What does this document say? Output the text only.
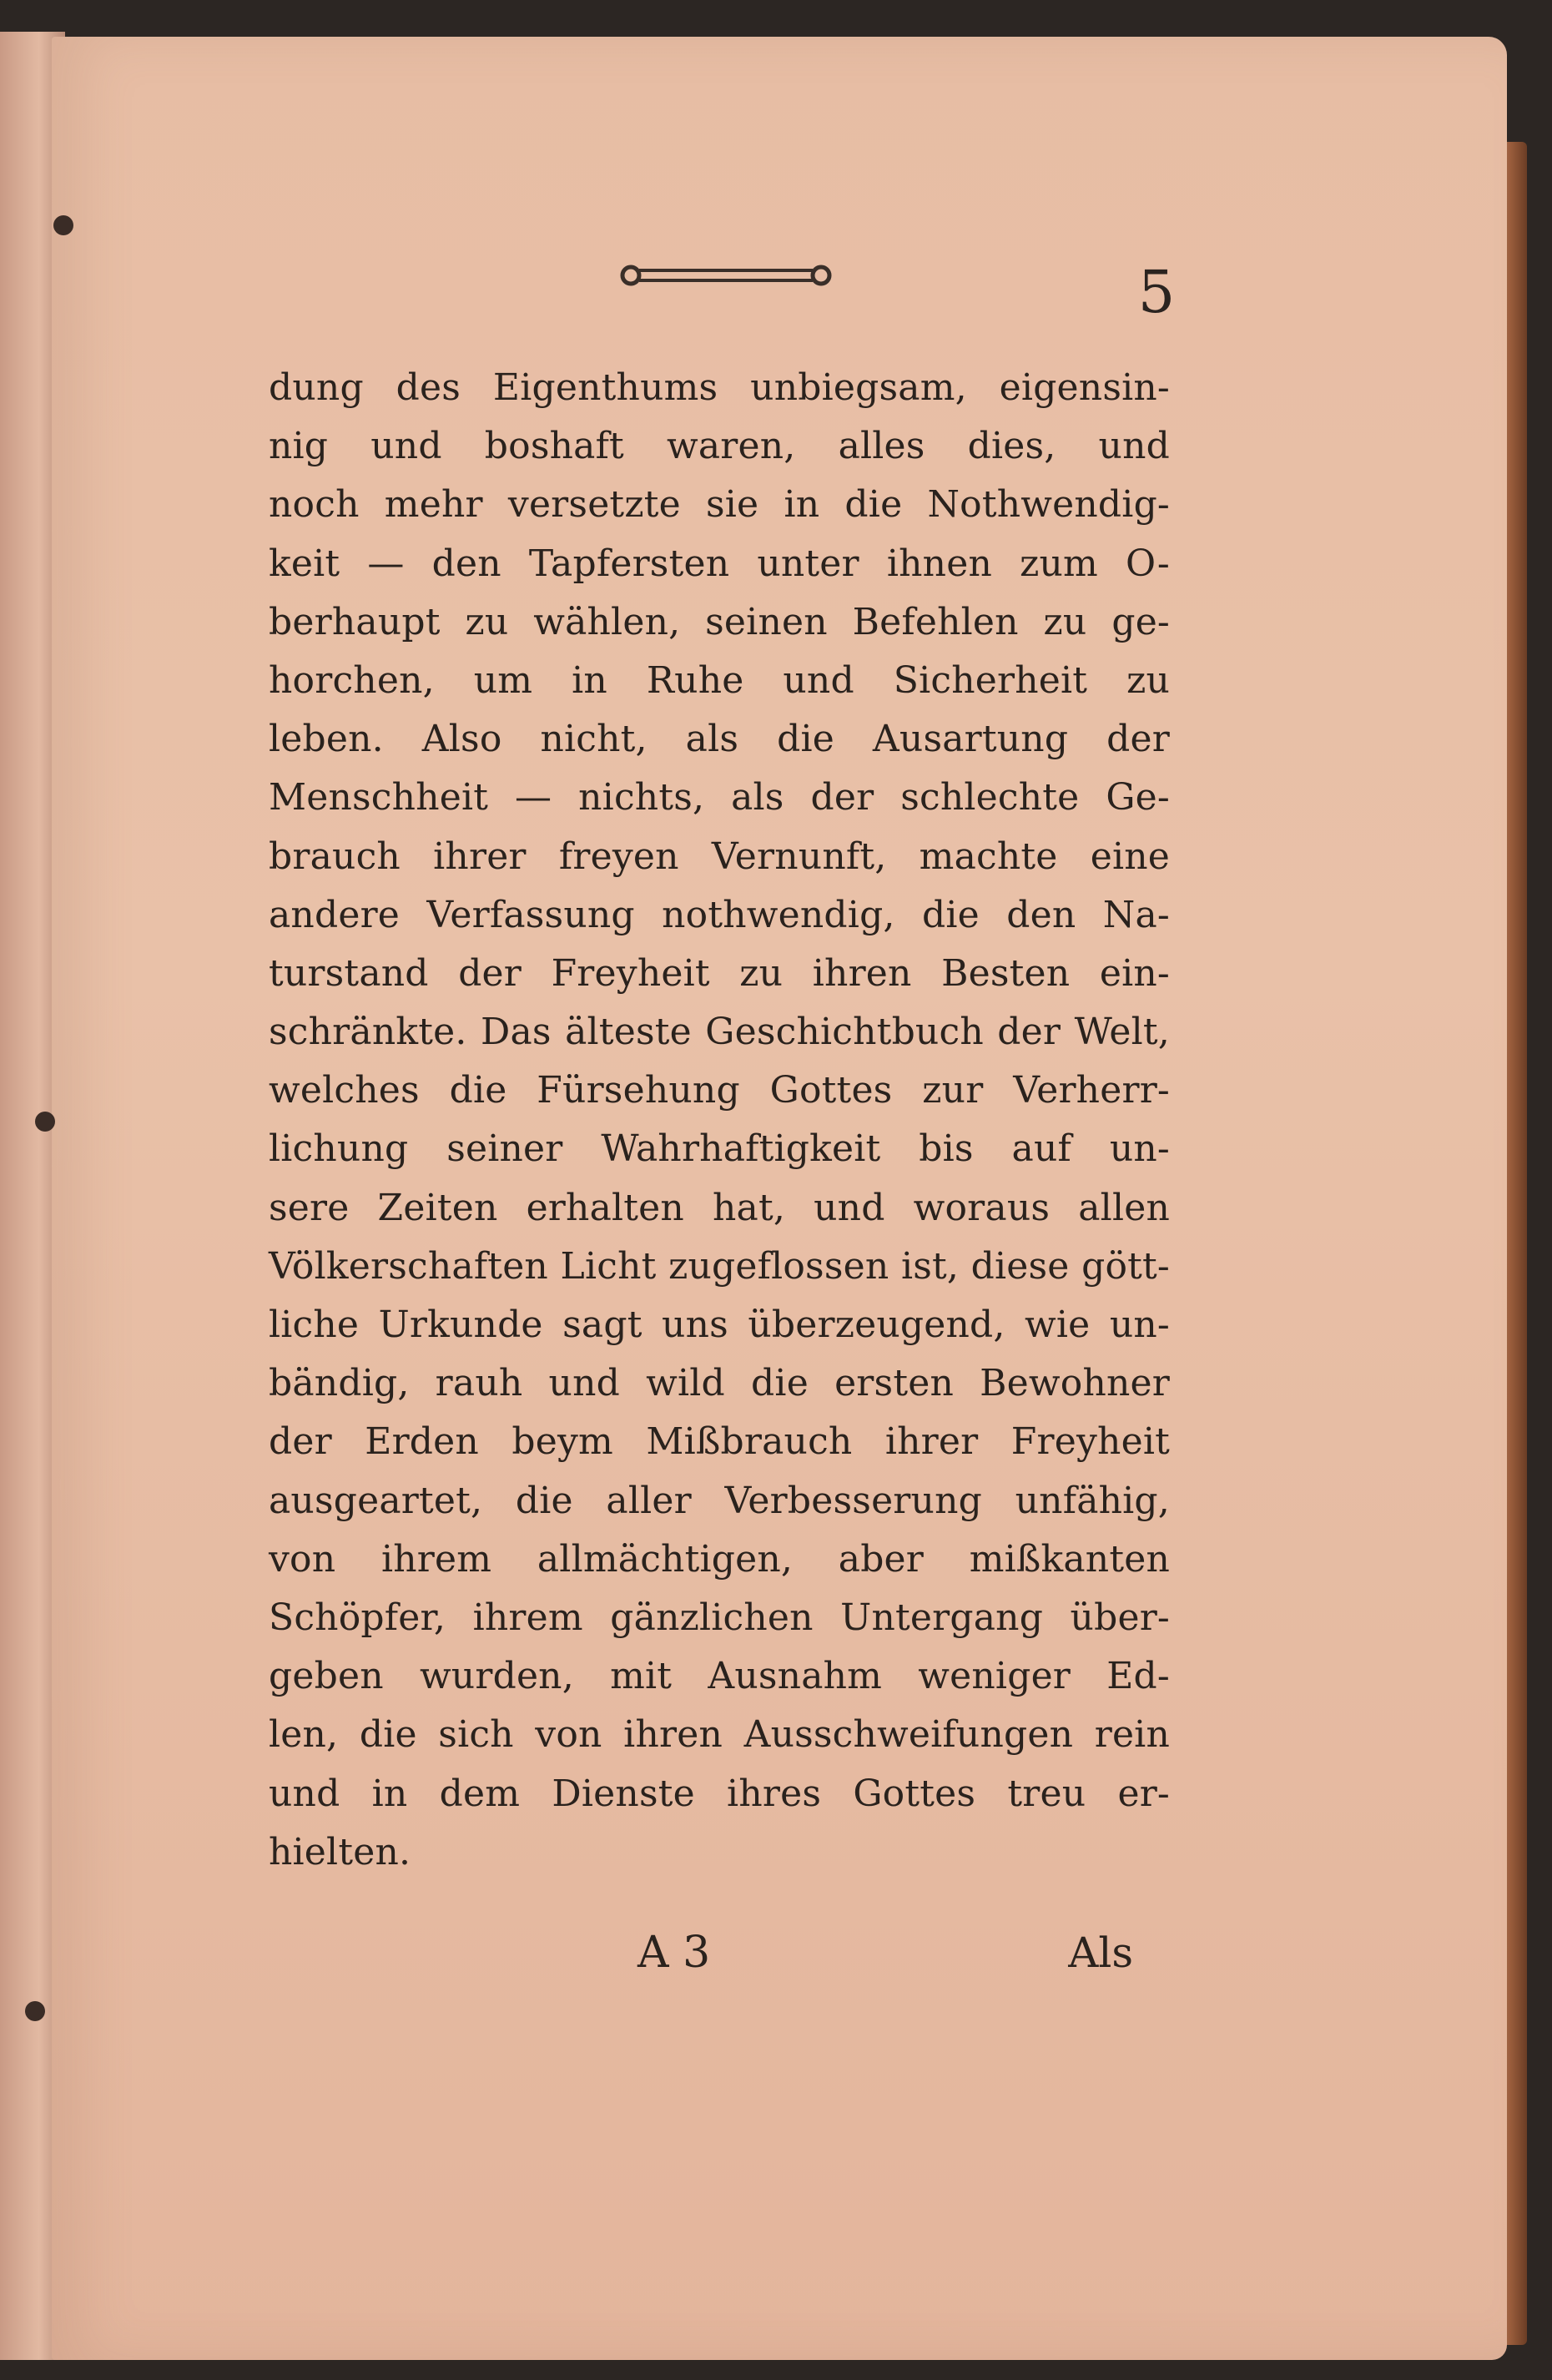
5
dung des Eigenthums unbiegsam, eigensin-
nig und boshaft waren, alles dies, und
noch mehr versetzte sie in die Nothwendig-
keit — den Tapfersten unter ihnen zum O-
berhaupt zu wählen, seinen Befehlen zu ge-
horchen, um in Ruhe und Sicherheit zu
leben. Also nicht, als die Ausartung der
Menschheit — nichts, als der schlechte Ge-
brauch ihrer freyen Vernunft, machte eine
andere Verfassung nothwendig, die den Na-
turstand der Freyheit zu ihren Besten ein-
schränkte. Das älteste Geschichtbuch der Welt,
welches die Fürsehung Gottes zur Verherr-
lichung seiner Wahrhaftigkeit bis auf un-
sere Zeiten erhalten hat, und woraus allen
Völkerschaften Licht zugeflossen ist, diese gött-
liche Urkunde sagt uns überzeugend, wie un-
bändig, rauh und wild die ersten Bewohner
der Erden beym Mißbrauch ihrer Freyheit
ausgeartet, die aller Verbesserung unfähig,
von ihrem allmächtigen, aber mißkanten
Schöpfer, ihrem gänzlichen Untergang über-
geben wurden, mit Ausnahm weniger Ed-
len, die sich von ihren Ausschweifungen rein
und in dem Dienste ihres Gottes treu er-
hielten.
A 3	Als
